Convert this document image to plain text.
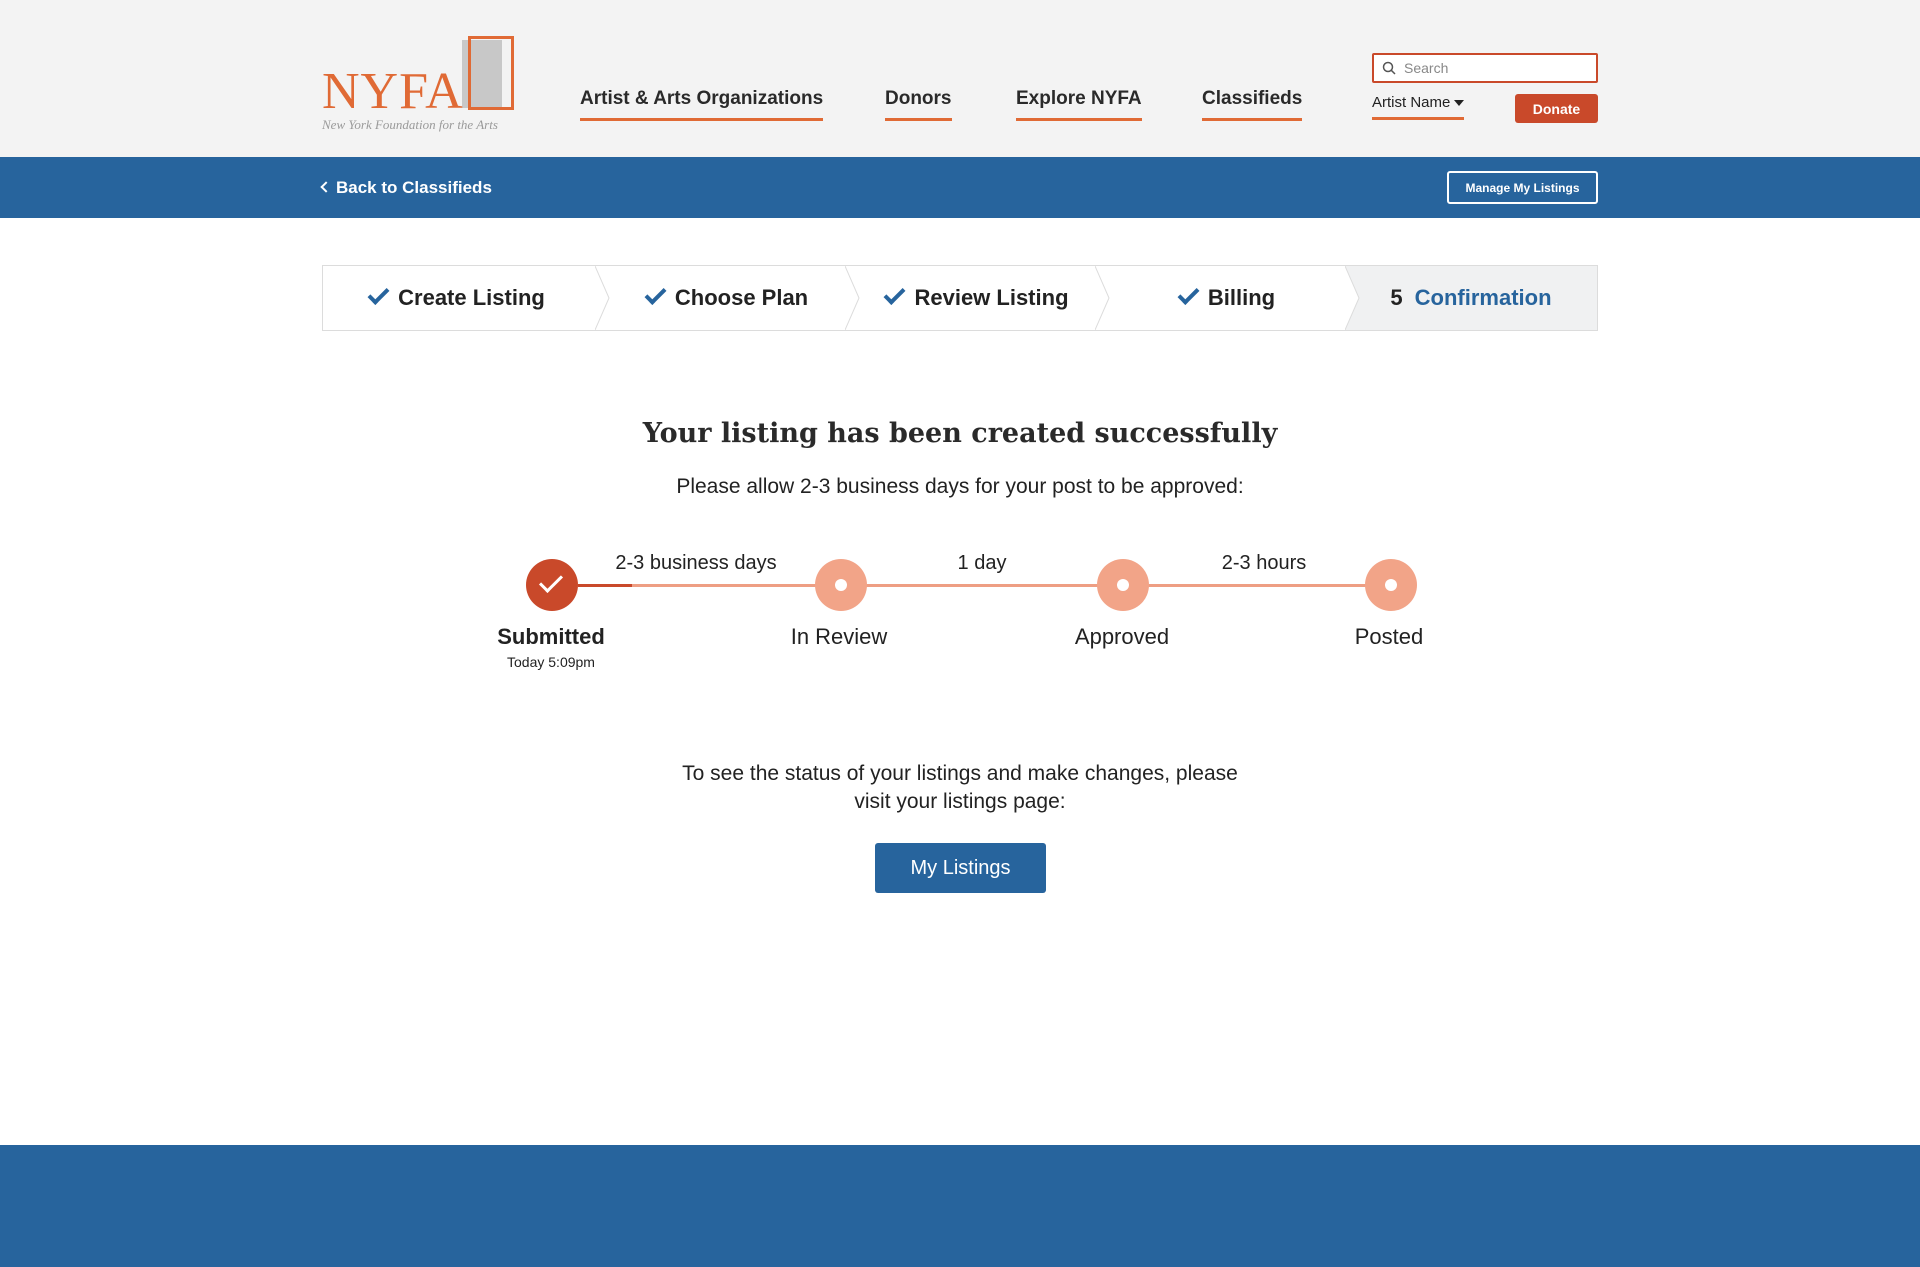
NYFA
New York Foundation for the Arts
Artist & Arts Organizations	Donors	Explore NYFA	Classifieds
Search	Artist Name	Donate
Back to Classifieds	Manage My Listings
Create Listing	Choose Plan	Review Listing	Billing	5 Confirmation
Your listing has been created successfully
Please allow 2-3 business days for your post to be approved:
2-3 business days	1 day	2-3 hours
Submitted
Today 5:09pm
In Review	Approved	Posted
To see the status of your listings and make changes, please
visit your listings page:
My Listings
